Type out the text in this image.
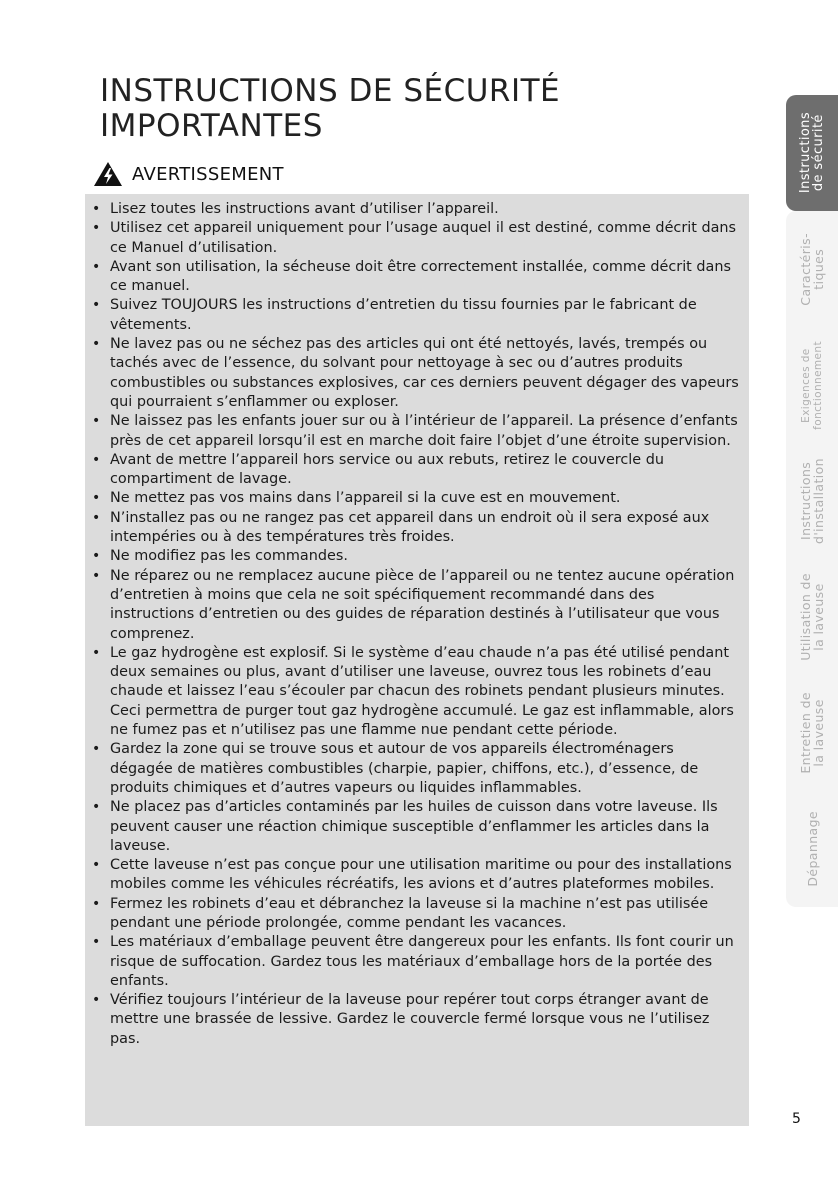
INSTRUCTIONS DE SÉCURITÉ
IMPORTANTES
AVERTISSEMENT
• Lisez toutes les instructions avant d’utiliser l’appareil.
• Utilisez cet appareil uniquement pour l’usage auquel il est destiné, comme décrit dans ce Manuel d’utilisation.
• Avant son utilisation, la sécheuse doit être correctement installée, comme décrit dans ce manuel.
• Suivez TOUJOURS les instructions d’entretien du tissu fournies par le fabricant de vêtements.
• Ne lavez pas ou ne séchez pas des articles qui ont été nettoyés, lavés, trempés ou tachés avec de l’essence, du solvant pour nettoyage à sec ou d’autres produits combustibles ou substances explosives, car ces derniers peuvent dégager des vapeurs qui pourraient s’enflammer ou exploser.
• Ne laissez pas les enfants jouer sur ou à l’intérieur de l’appareil. La présence d’enfants près de cet appareil lorsqu’il est en marche doit faire l’objet d’une étroite supervision.
• Avant de mettre l’appareil hors service ou aux rebuts, retirez le couvercle du compartiment de lavage.
• Ne mettez pas vos mains dans l’appareil si la cuve est en mouvement.
• N’installez pas ou ne rangez pas cet appareil dans un endroit où il sera exposé aux intempéries ou à des températures très froides.
• Ne modifiez pas les commandes.
• Ne réparez ou ne remplacez aucune pièce de l’appareil ou ne tentez aucune opération d’entretien à moins que cela ne soit spécifiquement recommandé dans des instructions d’entretien ou des guides de réparation destinés à l’utilisateur que vous comprenez.
• Le gaz hydrogène est explosif. Si le système d’eau chaude n’a pas été utilisé pendant deux semaines ou plus, avant d’utiliser une laveuse, ouvrez tous les robinets d’eau chaude et laissez l’eau s’écouler par chacun des robinets pendant plusieurs minutes. Ceci permettra de purger tout gaz hydrogène accumulé. Le gaz est inflammable, alors ne fumez pas et n’utilisez pas une flamme nue pendant cette période.
• Gardez la zone qui se trouve sous et autour de vos appareils électroménagers dégagée de matières combustibles (charpie, papier, chiffons, etc.), d’essence, de produits chimiques et d’autres vapeurs ou liquides inflammables.
• Ne placez pas d’articles contaminés par les huiles de cuisson dans votre laveuse. Ils peuvent causer une réaction chimique susceptible d’enflammer les articles dans la laveuse.
• Cette laveuse n’est pas conçue pour une utilisation maritime ou pour des installations mobiles comme les véhicules récréatifs, les avions et d’autres plateformes mobiles.
• Fermez les robinets d’eau et débranchez la laveuse si la machine n’est pas utilisée pendant une période prolongée, comme pendant les vacances.
• Les matériaux d’emballage peuvent être dangereux pour les enfants. Ils font courir un risque de suffocation. Gardez tous les matériaux d’emballage hors de la portée des enfants.
• Vérifiez toujours l’intérieur de la laveuse pour repérer tout corps étranger avant de mettre une brassée de lessive. Gardez le couvercle fermé lorsque vous ne l’utilisez pas.
Instructions
de sécurité
Caractéris-
tiques
Exigences de
fonctionnement
Instructions
d'installation
Utilisation de
la laveuse
Entretien de
la laveuse
Dépannage
5
